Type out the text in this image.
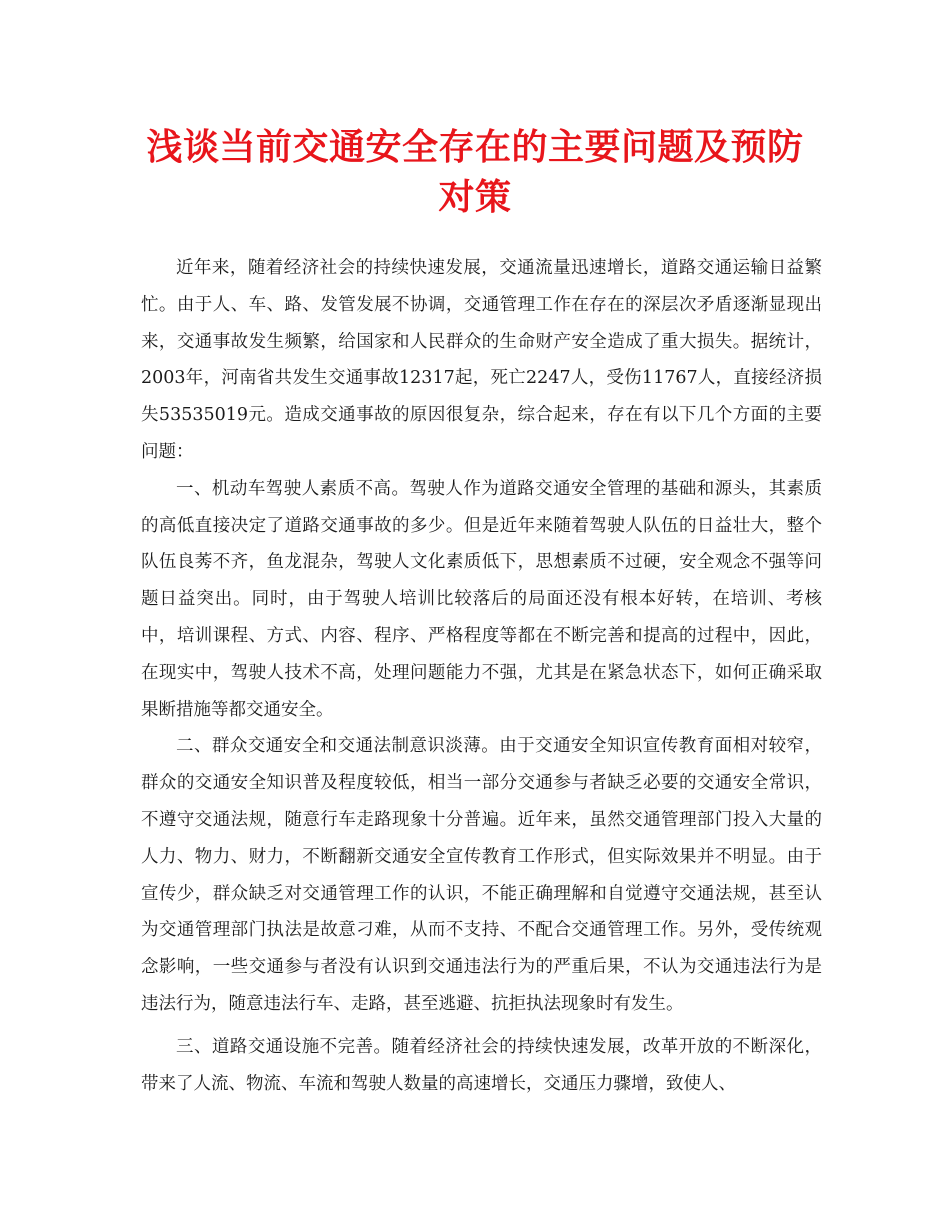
浅谈当前交通安全存在的主要问题及预防对策

近年来，随着经济社会的持续快速发展，交通流量迅速增长，道路交通运输日益繁忙。由于人、车、路、发管发展不协调，交通管理工作在存在的深层次矛盾逐渐显现出来，交通事故发生频繁，给国家和人民群众的生命财产安全造成了重大损失。据统计，2003年，河南省共发生交通事故12317起，死亡2247人，受伤11767人，直接经济损失53535019元。造成交通事故的原因很复杂，综合起来，存在有以下几个方面的主要问题：

一、机动车驾驶人素质不高。驾驶人作为道路交通安全管理的基础和源头，其素质的高低直接决定了道路交通事故的多少。但是近年来随着驾驶人队伍的日益壮大，整个队伍良莠不齐，鱼龙混杂，驾驶人文化素质低下，思想素质不过硬，安全观念不强等问题日益突出。同时，由于驾驶人培训比较落后的局面还没有根本好转，在培训、考核中，培训课程、方式、内容、程序、严格程度等都在不断完善和提高的过程中，因此，在现实中，驾驶人技术不高，处理问题能力不强，尤其是在紧急状态下，如何正确采取果断措施等都交通安全。

二、群众交通安全和交通法制意识淡薄。由于交通安全知识宣传教育面相对较窄，群众的交通安全知识普及程度较低，相当一部分交通参与者缺乏必要的交通安全常识，不遵守交通法规，随意行车走路现象十分普遍。近年来，虽然交通管理部门投入大量的人力、物力、财力，不断翻新交通安全宣传教育工作形式，但实际效果并不明显。由于宣传少，群众缺乏对交通管理工作的认识，不能正确理解和自觉遵守交通法规，甚至认为交通管理部门执法是故意刁难，从而不支持、不配合交通管理工作。另外，受传统观念影响，一些交通参与者没有认识到交通违法行为的严重后果，不认为交通违法行为是违法行为，随意违法行车、走路，甚至逃避、抗拒执法现象时有发生。

三、道路交通设施不完善。随着经济社会的持续快速发展，改革开放的不断深化，带来了人流、物流、车流和驾驶人数量的高速增长，交通压力骤增，致使人、
